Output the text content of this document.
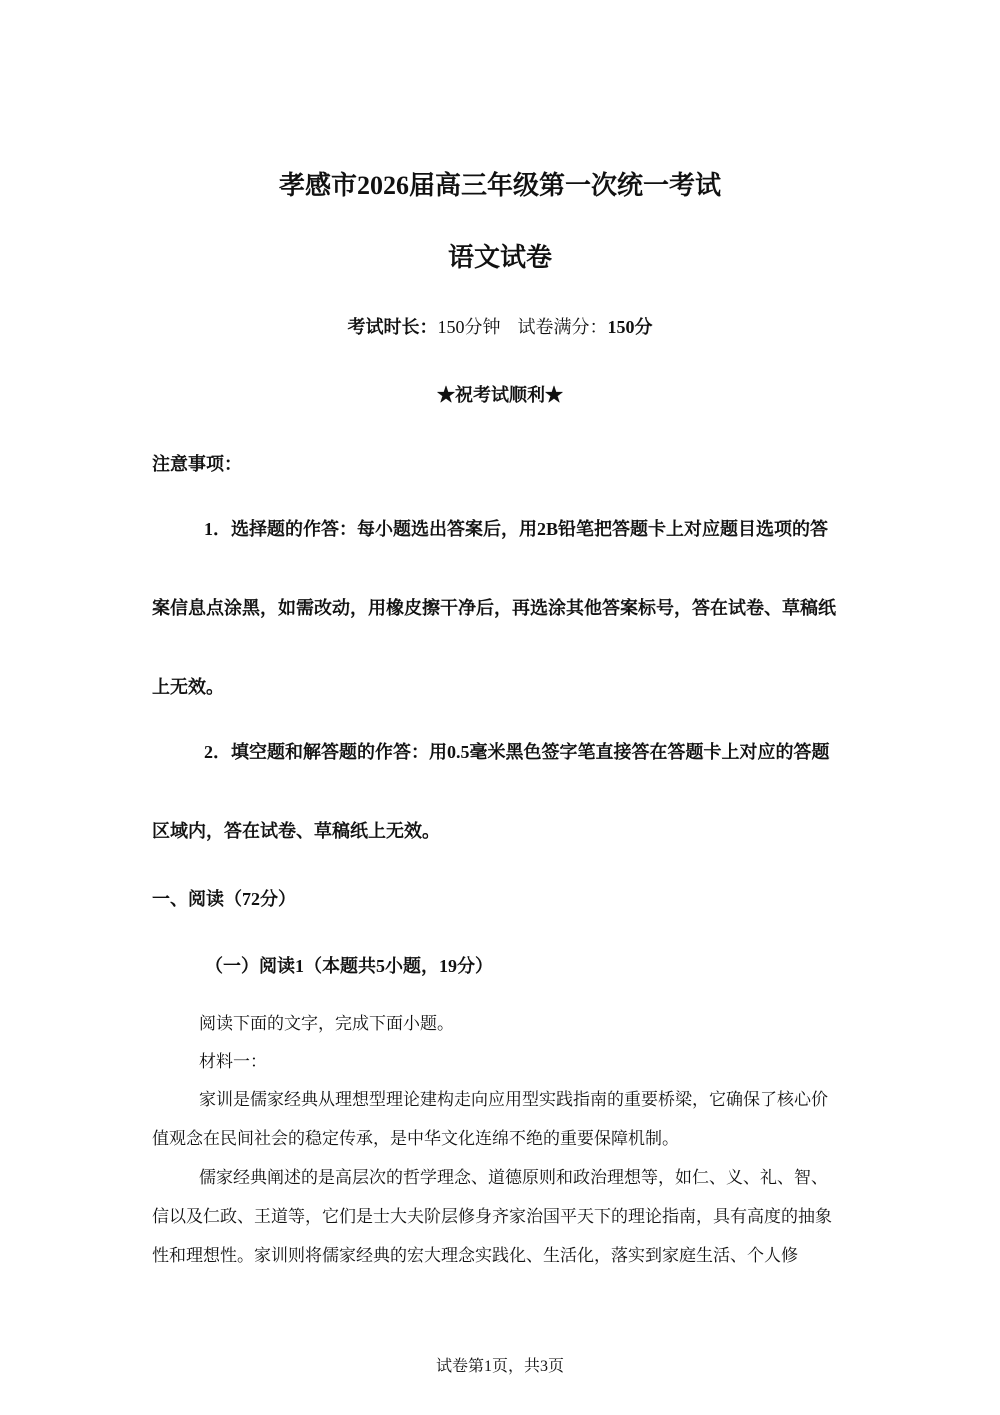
孝感市2026届高三年级第一次统一考试
语文试卷
考试时长：150分钟 试卷满分：150分
★祝考试顺利★
注意事项：

1．选择题的作答：每小题选出答案后，用2B铅笔把答题卡上对应题目选项的答案信息点涂黑，如需改动，用橡皮擦干净后，再选涂其他答案标号，答在试卷、草稿纸上无效。

2．填空题和解答题的作答：用0.5毫米黑色签字笔直接答在答题卡上对应的答题区域内，答在试卷、草稿纸上无效。

一、阅读（72分）
（一）阅读1（本题共5小题，19分）

阅读下面的文字，完成下面小题。

材料一：

家训是儒家经典从理想型理论建构走向应用型实践指南的重要桥梁，它确保了核心价值观念在民间社会的稳定传承，是中华文化连绵不绝的重要保障机制。

儒家经典阐述的是高层次的哲学理念、道德原则和政治理想等，如仁、义、礼、智、信以及仁政、王道等，它们是士大夫阶层修身齐家治国平天下的理论指南，具有高度的抽象性和理想性。家训则将儒家经典的宏大理念实践化、生活化，落实到家庭生活、个人修

试卷第1页，共3页
